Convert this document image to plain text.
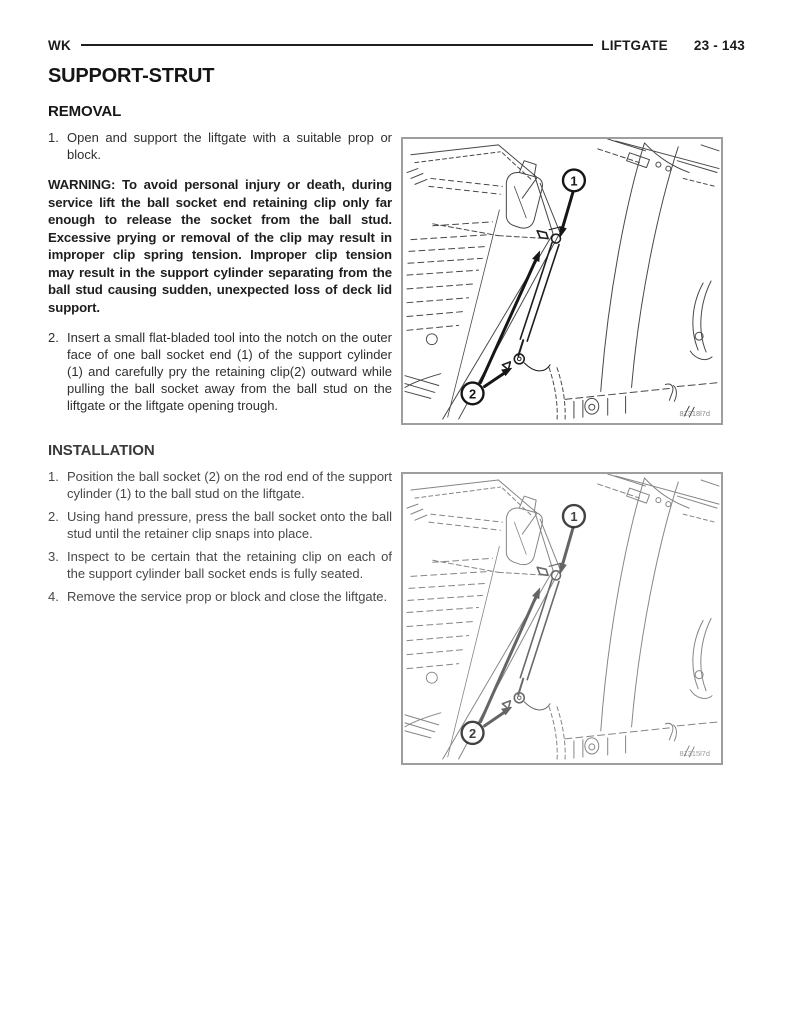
WK	LIFTGATE 23 - 143
SUPPORT-STRUT
REMOVAL
1. Open and support the liftgate with a suitable prop or block.

WARNING: To avoid personal injury or death, during service lift the ball socket end retaining clip only far enough to release the socket from the ball stud. Excessive prying or removal of the clip may result in improper clip spring tension. Improper clip tension may result in the support cylinder separating from the ball stud causing sudden, unexpected loss of deck lid support.

2. Insert a small flat-bladed tool into the notch on the outer face of one ball socket end (1) of the support cylinder (1) and carefully pry the retaining clip(2) outward while pulling the ball socket away from the ball stud on the liftgate or the liftgate opening trough.
INSTALLATION
1. Position the ball socket (2) on the rod end of the support cylinder (1) to the ball stud on the liftgate.
2. Using hand pressure, press the ball socket onto the ball stud until the retainer clip snaps into place.
3. Inspect to be certain that the retaining clip on each of the support cylinder ball socket ends is fully seated.
4. Remove the service prop or block and close the liftgate.
1
2
81318l7d
1
2
81315l7d
